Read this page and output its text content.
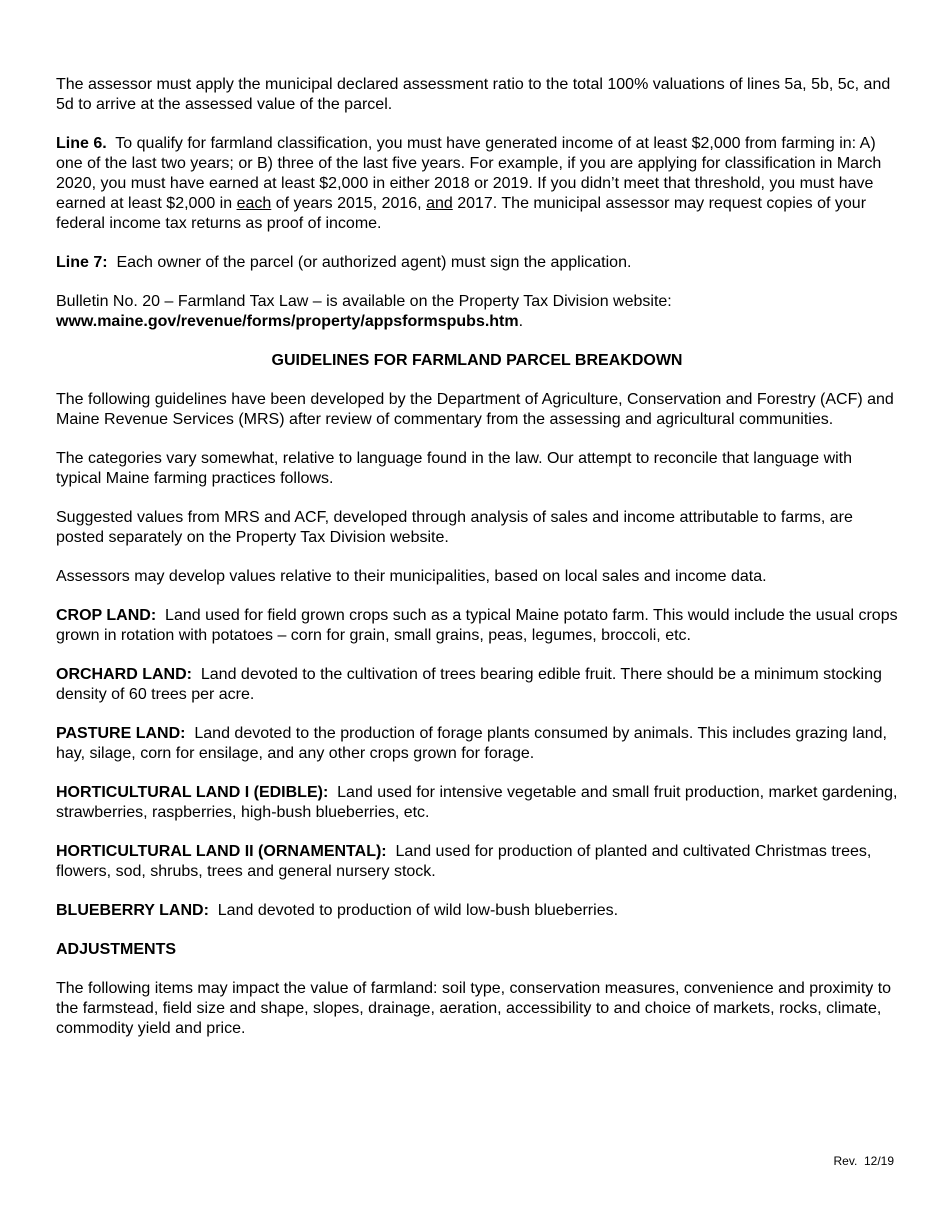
The assessor must apply the municipal declared assessment ratio to the total 100% valuations of lines 5a, 5b, 5c, and 5d to arrive at the assessed value of the parcel.

Line 6. To qualify for farmland classification, you must have generated income of at least $2,000 from farming in: A) one of the last two years; or B) three of the last five years. For example, if you are applying for classification in March 2020, you must have earned at least $2,000 in either 2018 or 2019. If you didn’t meet that threshold, you must have earned at least $2,000 in each of years 2015, 2016, and 2017. The municipal assessor may request copies of your federal income tax returns as proof of income.

Line 7: Each owner of the parcel (or authorized agent) must sign the application.

Bulletin No. 20 – Farmland Tax Law – is available on the Property Tax Division website:
www.maine.gov/revenue/forms/property/appsformspubs.htm.

GUIDELINES FOR FARMLAND PARCEL BREAKDOWN

The following guidelines have been developed by the Department of Agriculture, Conservation and Forestry (ACF) and Maine Revenue Services (MRS) after review of commentary from the assessing and agricultural communities.

The categories vary somewhat, relative to language found in the law. Our attempt to reconcile that language with typical Maine farming practices follows.

Suggested values from MRS and ACF, developed through analysis of sales and income attributable to farms, are posted separately on the Property Tax Division website.

Assessors may develop values relative to their municipalities, based on local sales and income data.

CROP LAND: Land used for field grown crops such as a typical Maine potato farm. This would include the usual crops grown in rotation with potatoes – corn for grain, small grains, peas, legumes, broccoli, etc.

ORCHARD LAND: Land devoted to the cultivation of trees bearing edible fruit. There should be a minimum stocking density of 60 trees per acre.

PASTURE LAND: Land devoted to the production of forage plants consumed by animals. This includes grazing land, hay, silage, corn for ensilage, and any other crops grown for forage.

HORTICULTURAL LAND I (EDIBLE): Land used for intensive vegetable and small fruit production, market gardening, strawberries, raspberries, high-bush blueberries, etc.

HORTICULTURAL LAND II (ORNAMENTAL): Land used for production of planted and cultivated Christmas trees, flowers, sod, shrubs, trees and general nursery stock.

BLUEBERRY LAND: Land devoted to production of wild low-bush blueberries.

ADJUSTMENTS

The following items may impact the value of farmland: soil type, conservation measures, convenience and proximity to the farmstead, field size and shape, slopes, drainage, aeration, accessibility to and choice of markets, rocks, climate, commodity yield and price.

Rev.  12/19
